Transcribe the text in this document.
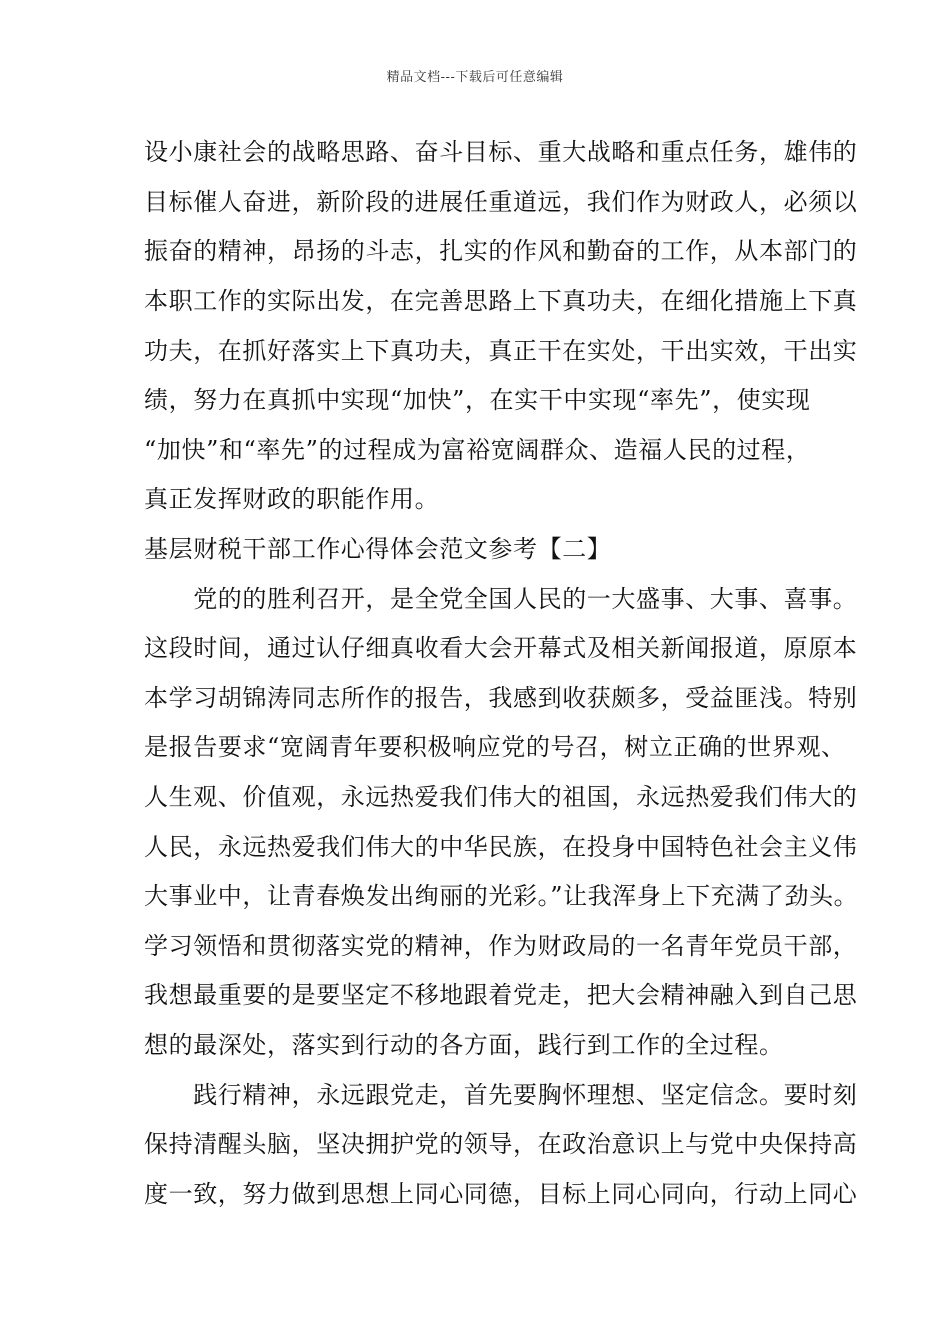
精品文档---下载后可任意编辑
设小康社会的战略思路、奋斗目标、重大战略和重点任务，雄伟的
目标催人奋进，新阶段的进展任重道远，我们作为财政人，必须以
振奋的精神，昂扬的斗志，扎实的作风和勤奋的工作，从本部门的
本职工作的实际出发，在完善思路上下真功夫，在细化措施上下真
功夫，在抓好落实上下真功夫，真正干在实处，干出实效，干出实
绩，努力在真抓中实现“加快”，在实干中实现“率先”，使实现
“加快”和“率先”的过程成为富裕宽阔群众、造福人民的过程，
真正发挥财政的职能作用。
基层财税干部工作心得体会范文参考【二】
　　党的的胜利召开，是全党全国人民的一大盛事、大事、喜事。
这段时间，通过认仔细真收看大会开幕式及相关新闻报道，原原本
本学习胡锦涛同志所作的报告，我感到收获颇多，受益匪浅。特别
是报告要求“宽阔青年要积极响应党的号召，树立正确的世界观、
人生观、价值观，永远热爱我们伟大的祖国，永远热爱我们伟大的
人民，永远热爱我们伟大的中华民族，在投身中国特色社会主义伟
大事业中，让青春焕发出绚丽的光彩。”让我浑身上下充满了劲头。
学习领悟和贯彻落实党的精神，作为财政局的一名青年党员干部，
我想最重要的是要坚定不移地跟着党走，把大会精神融入到自己思
想的最深处，落实到行动的各方面，践行到工作的全过程。
　　践行精神，永远跟党走，首先要胸怀理想、坚定信念。要时刻
保持清醒头脑，坚决拥护党的领导，在政治意识上与党中央保持高
度一致，努力做到思想上同心同德，目标上同心同向，行动上同心
